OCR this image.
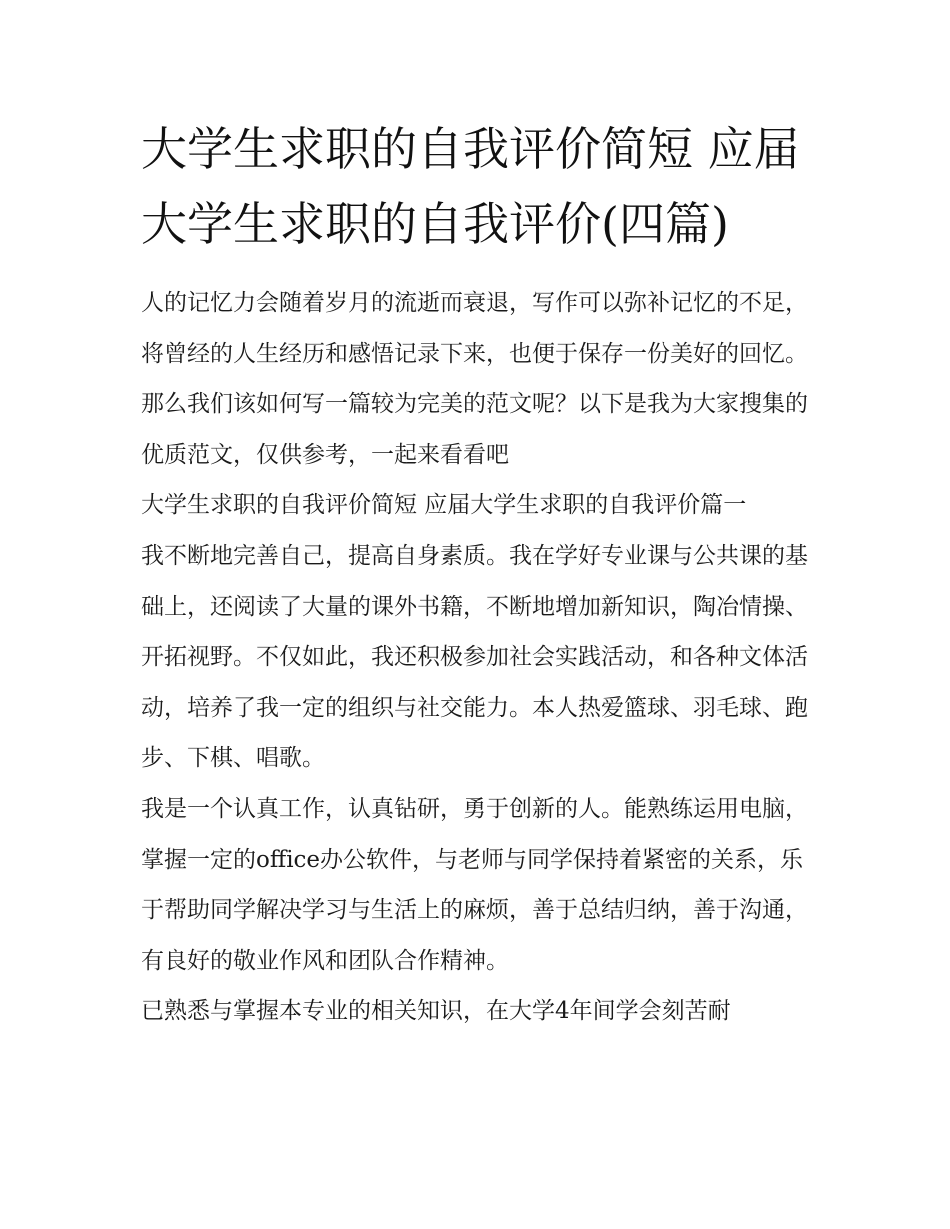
大学生求职的自我评价简短 应届大学生求职的自我评价(四篇)

人的记忆力会随着岁月的流逝而衰退，写作可以弥补记忆的不足，将曾经的人生经历和感悟记录下来，也便于保存一份美好的回忆。那么我们该如何写一篇较为完美的范文呢？以下是我为大家搜集的优质范文，仅供参考，一起来看看吧

大学生求职的自我评价简短 应届大学生求职的自我评价篇一

我不断地完善自己，提高自身素质。我在学好专业课与公共课的基础上，还阅读了大量的课外书籍，不断地增加新知识，陶冶情操、开拓视野。不仅如此，我还积极参加社会实践活动，和各种文体活动，培养了我一定的组织与社交能力。本人热爱篮球、羽毛球、跑步、下棋、唱歌。

我是一个认真工作，认真钻研，勇于创新的人。能熟练运用电脑，掌握一定的office办公软件，与老师与同学保持着紧密的关系，乐于帮助同学解决学习与生活上的麻烦，善于总结归纳，善于沟通，有良好的敬业作风和团队合作精神。

已熟悉与掌握本专业的相关知识，在大学4年间学会刻苦耐
